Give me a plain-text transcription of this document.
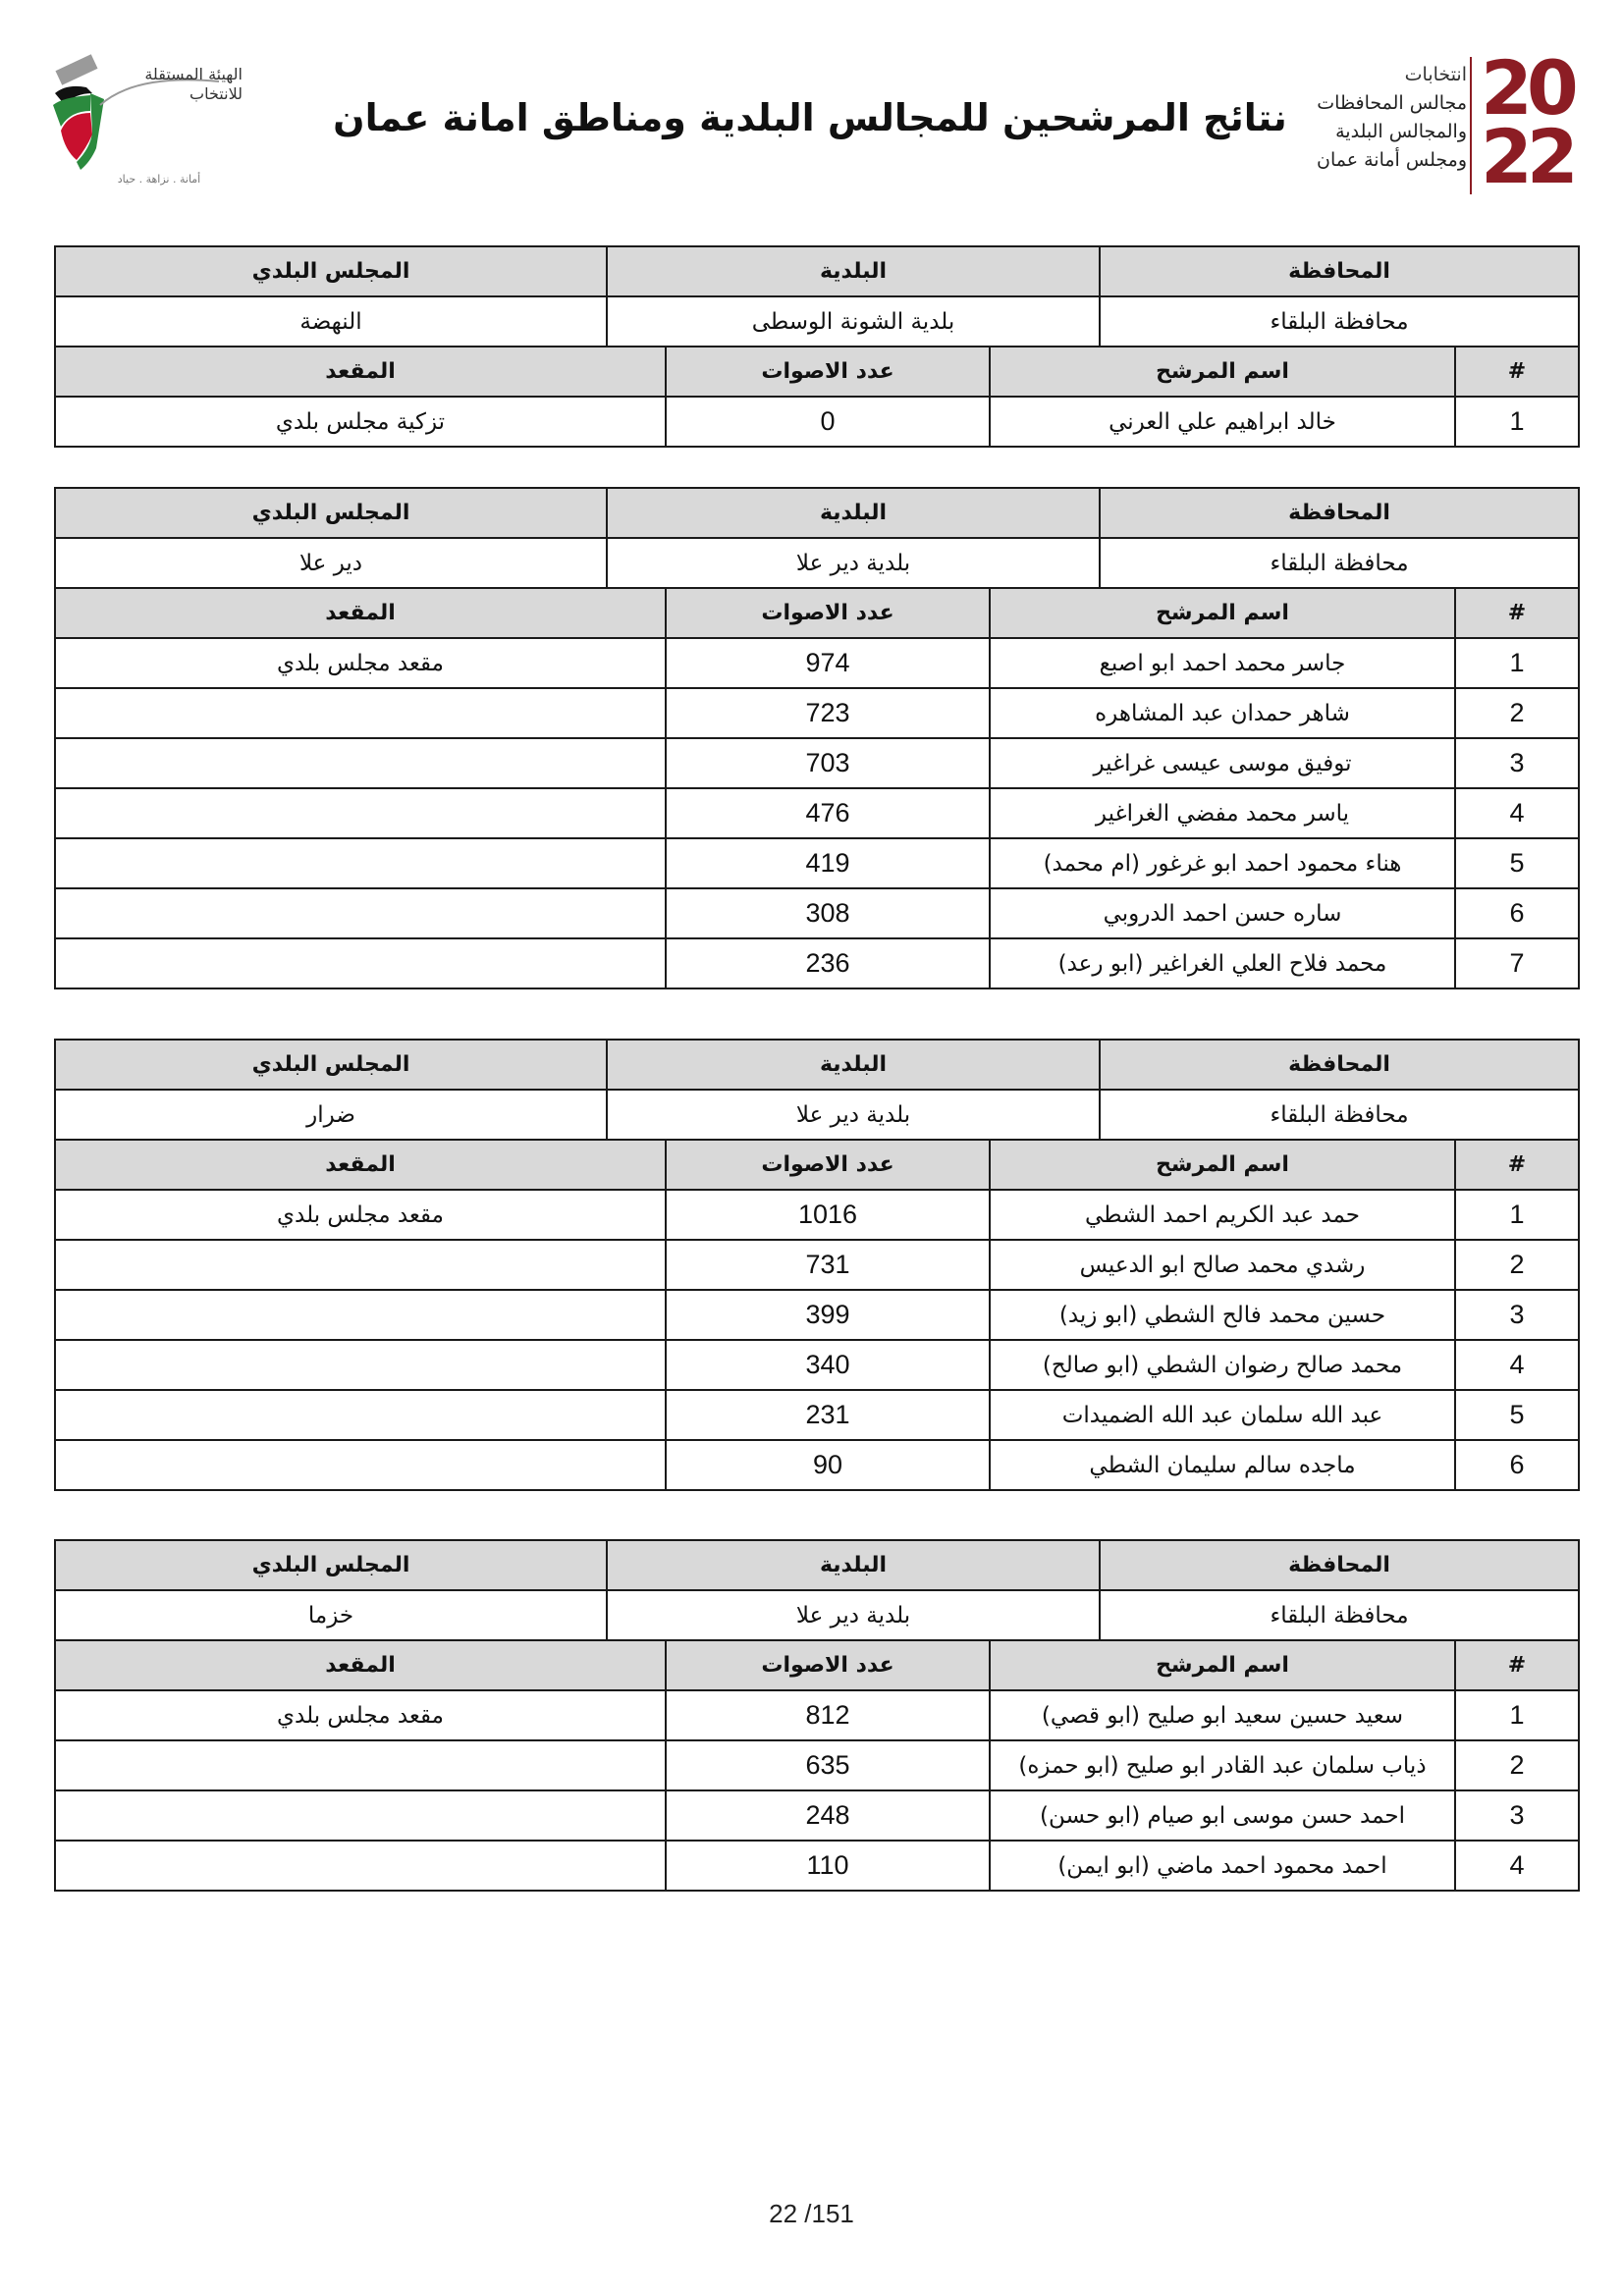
الهيئة المستقلة
للانتخاب
أمانة . نزاهة . حياد
نتائج المرشحين للمجالس البلدية ومناطق امانة عمان
انتخابات
مجالس المحافظات
والمجالس البلدية
ومجلس أمانة عمان
20
22
المحافظة	البلدية	المجلس البلدي
محافظة البلقاء	بلدية الشونة الوسطى	النهضة
#	اسم المرشح	عدد الاصوات	المقعد
1	خالد ابراهيم علي العرني	0	تزكية مجلس بلدي
المحافظة	البلدية	المجلس البلدي
محافظة البلقاء	بلدية دير علا	دير علا
#	اسم المرشح	عدد الاصوات	المقعد
1	جاسر محمد احمد ابو اصبع	974	مقعد مجلس بلدي
2	شاهر حمدان عبد المشاهره	723	
3	توفيق موسى عيسى غراغير	703	
4	ياسر محمد مفضي الغراغير	476	
5	هناء محمود احمد ابو غرغور (ام محمد)	419	
6	ساره حسن احمد الدروبي	308	
7	محمد فلاح العلي الغراغير (ابو رعد)	236	
المحافظة	البلدية	المجلس البلدي
محافظة البلقاء	بلدية دير علا	ضرار
#	اسم المرشح	عدد الاصوات	المقعد
1	حمد عبد الكريم احمد الشطي	1016	مقعد مجلس بلدي
2	رشدي محمد صالح ابو الدعيس	731	
3	حسين محمد فالح الشطي (ابو زيد)	399	
4	محمد صالح رضوان الشطي (ابو صالح)	340	
5	عبد الله سلمان عبد الله الضميدات	231	
6	ماجده سالم سليمان الشطي	90	
المحافظة	البلدية	المجلس البلدي
محافظة البلقاء	بلدية دير علا	خزما
#	اسم المرشح	عدد الاصوات	المقعد
1	سعيد حسين سعيد ابو صليح (ابو قصي)	812	مقعد مجلس بلدي
2	ذياب سلمان عبد القادر ابو صليح (ابو حمزه)	635	
3	احمد حسن موسى ابو صيام (ابو حسن)	248	
4	احمد محمود احمد ماضي (ابو ايمن)	110	
22 /151
